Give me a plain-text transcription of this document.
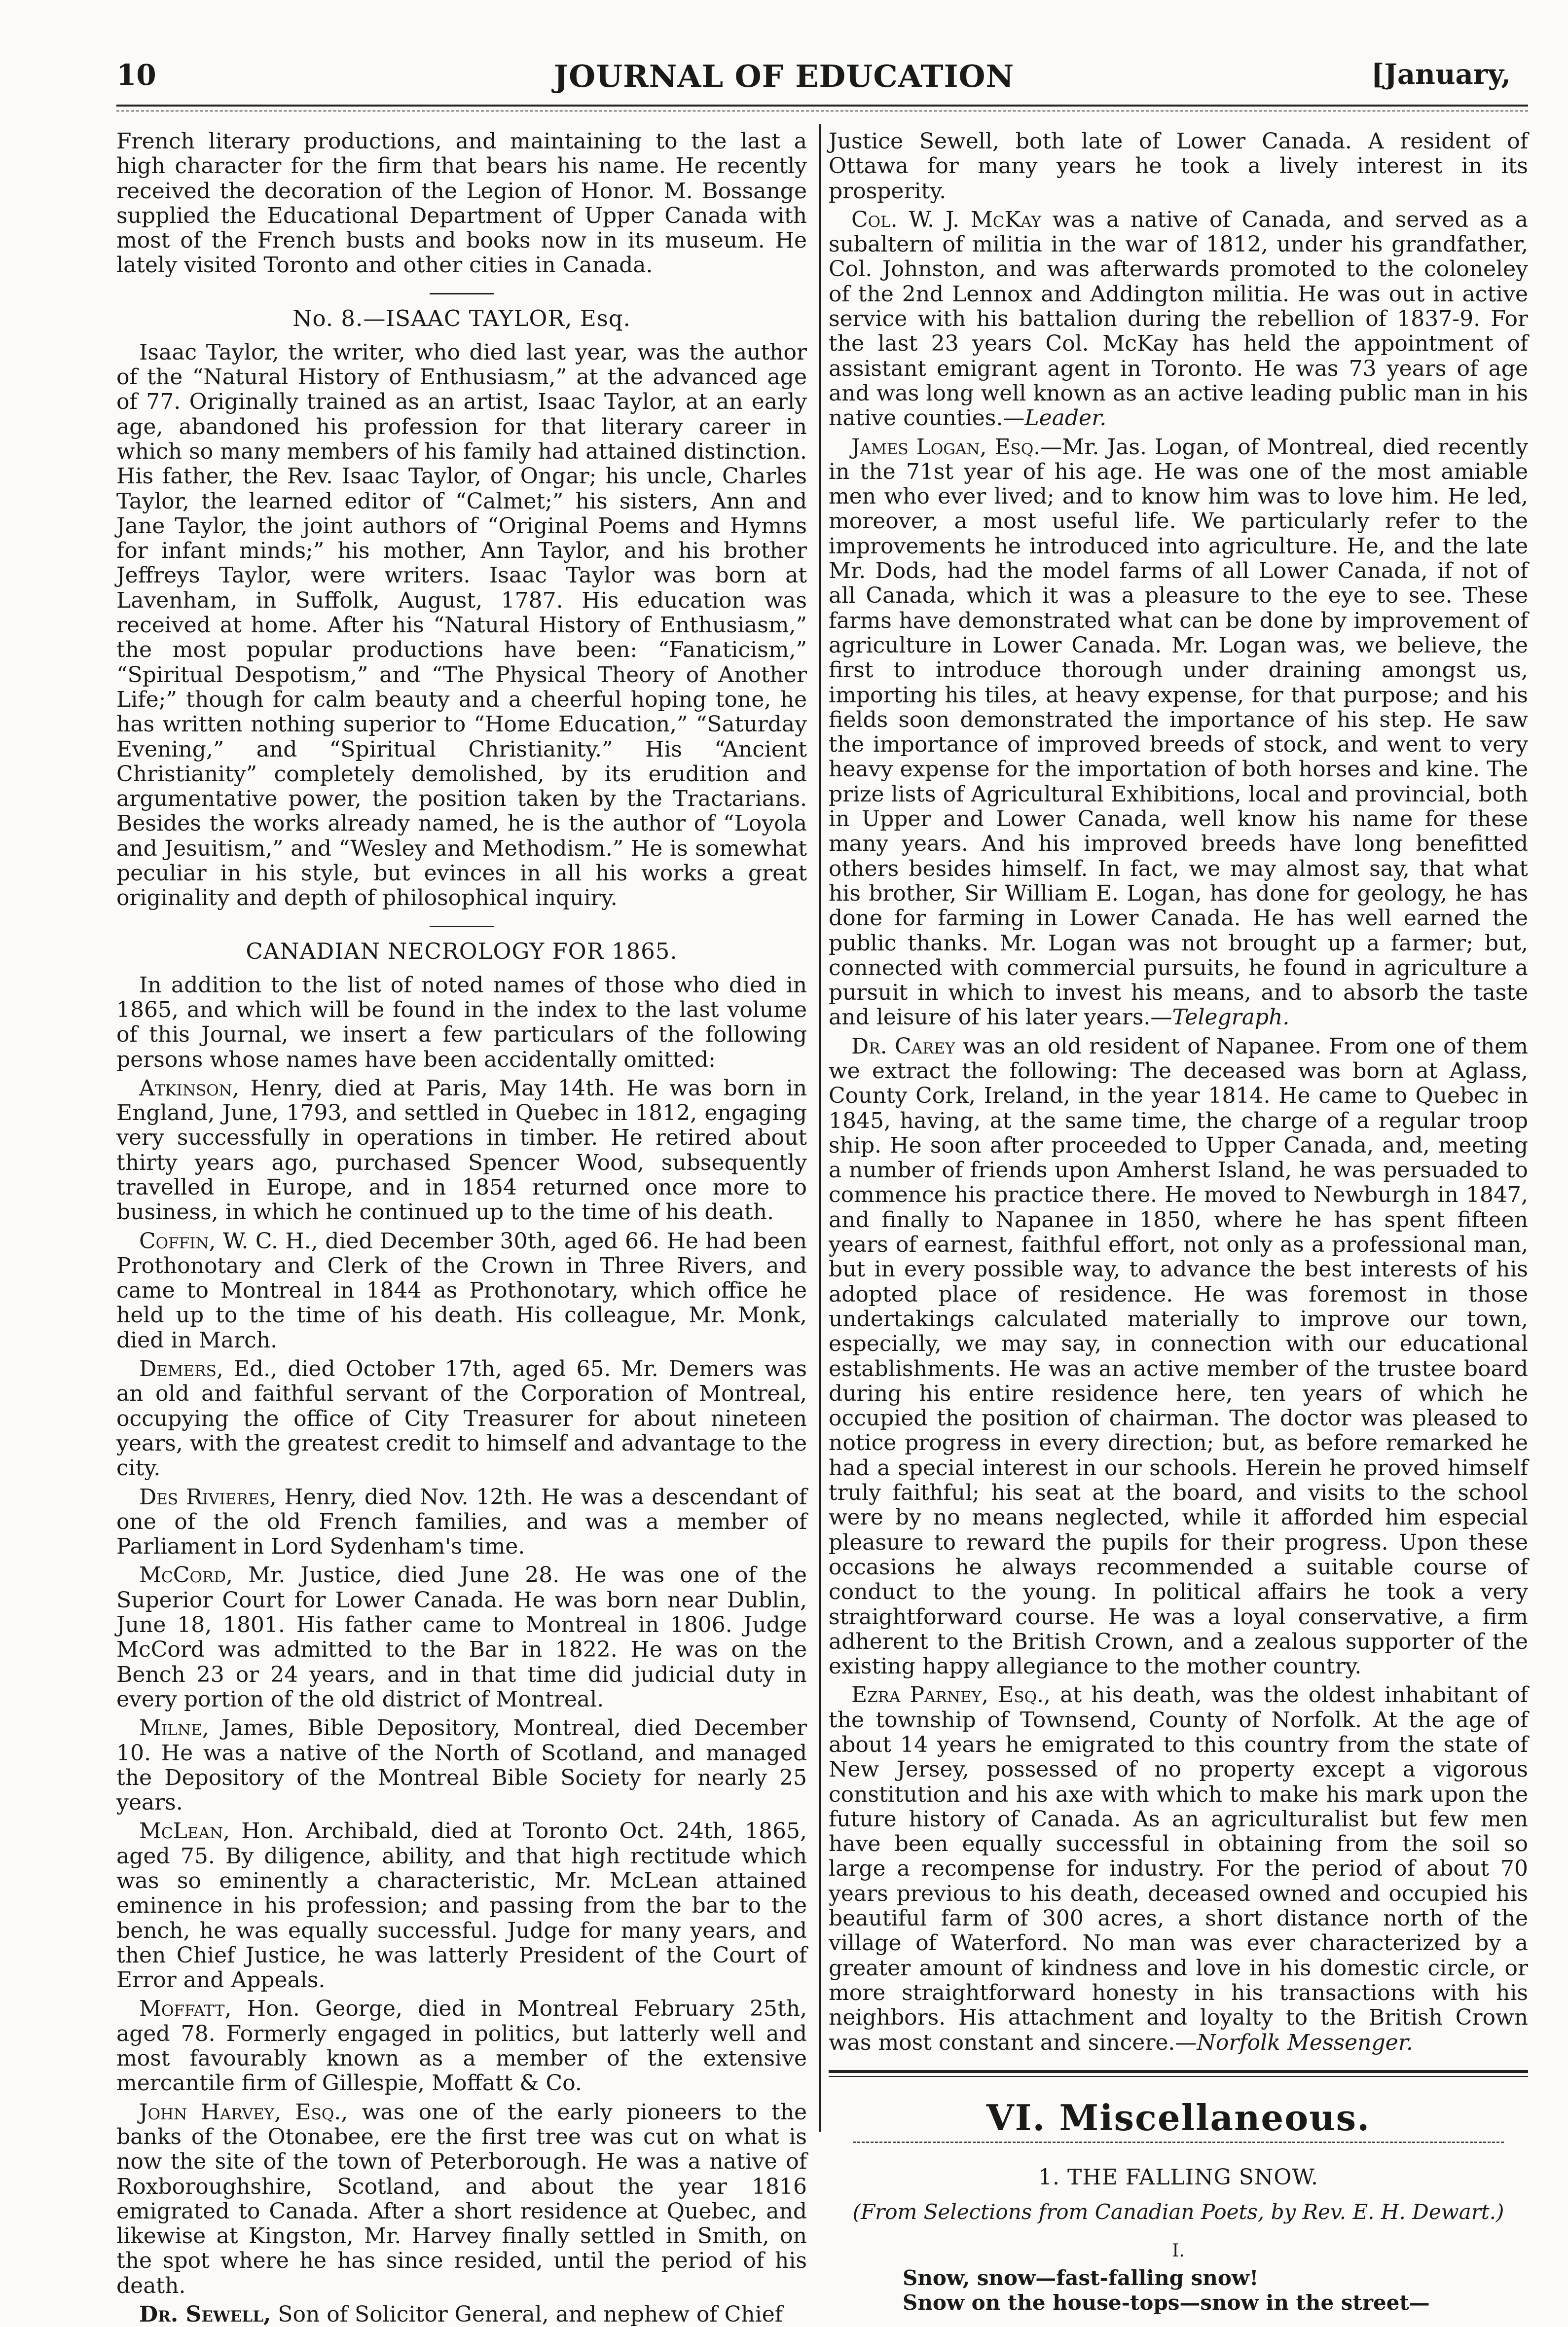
10	JOURNAL OF EDUCATION	[January,

French literary productions, and maintaining to the last a high character for the firm that bears his name. He recently received the decoration of the Legion of Honor. M. Bossange supplied the Educational Department of Upper Canada with most of the French busts and books now in its museum. He lately visited Toronto and other cities in Canada.

No. 8.—ISAAC TAYLOR, Esq.

Isaac Taylor, the writer, who died last year, was the author of the “Natural History of Enthusiasm,” at the advanced age of 77. Originally trained as an artist, Isaac Taylor, at an early age, abandoned his profession for that literary career in which so many members of his family had attained distinction. His father, the Rev. Isaac Taylor, of Ongar; his uncle, Charles Taylor, the learned editor of “Calmet;” his sisters, Ann and Jane Taylor, the joint authors of “Original Poems and Hymns for infant minds;” his mother, Ann Taylor, and his brother Jeffreys Taylor, were writers. Isaac Taylor was born at Lavenham, in Suffolk, August, 1787. His education was received at home. After his “Natural History of Enthusiasm,” the most popular productions have been: “Fanaticism,” “Spiritual Despotism,” and “The Physical Theory of Another Life;” though for calm beauty and a cheerful hoping tone, he has written nothing superior to “Home Education,” “Saturday Evening,” and “Spiritual Christianity.” His “Ancient Christianity” completely demolished, by its erudition and argumentative power, the position taken by the Tractarians. Besides the works already named, he is the author of “Loyola and Jesuitism,” and “Wesley and Methodism.” He is somewhat peculiar in his style, but evinces in all his works a great originality and depth of philosophical inquiry.

CANADIAN NECROLOGY FOR 1865.

In addition to the list of noted names of those who died in 1865, and which will be found in the index to the last volume of this Journal, we insert a few particulars of the following persons whose names have been accidentally omitted:

Atkinson, Henry, died at Paris, May 14th. He was born in England, June, 1793, and settled in Quebec in 1812, engaging very successfully in operations in timber. He retired about thirty years ago, purchased Spencer Wood, subsequently travelled in Europe, and in 1854 returned once more to business, in which he continued up to the time of his death.

Coffin, W. C. H., died December 30th, aged 66. He had been Prothonotary and Clerk of the Crown in Three Rivers, and came to Montreal in 1844 as Prothonotary, which office he held up to the time of his death. His colleague, Mr. Monk, died in March.

Demers, Ed., died October 17th, aged 65. Mr. Demers was an old and faithful servant of the Corporation of Montreal, occupying the office of City Treasurer for about nineteen years, with the greatest credit to himself and advantage to the city.

Des Rivieres, Henry, died Nov. 12th. He was a descendant of one of the old French families, and was a member of Parliament in Lord Sydenham's time.

McCord, Mr. Justice, died June 28. He was one of the Superior Court for Lower Canada. He was born near Dublin, June 18, 1801. His father came to Montreal in 1806. Judge McCord was admitted to the Bar in 1822. He was on the Bench 23 or 24 years, and in that time did judicial duty in every portion of the old district of Montreal.

Milne, James, Bible Depository, Montreal, died December 10. He was a native of the North of Scotland, and managed the Depository of the Montreal Bible Society for nearly 25 years.

McLean, Hon. Archibald, died at Toronto Oct. 24th, 1865, aged 75. By diligence, ability, and that high rectitude which was so eminently a characteristic, Mr. McLean attained eminence in his profession; and passing from the bar to the bench, he was equally successful. Judge for many years, and then Chief Justice, he was latterly President of the Court of Error and Appeals.

Moffatt, Hon. George, died in Montreal February 25th, aged 78. Formerly engaged in politics, but latterly well and most favourably known as a member of the extensive mercantile firm of Gillespie, Moffatt & Co.

John Harvey, Esq., was one of the early pioneers to the banks of the Otonabee, ere the first tree was cut on what is now the site of the town of Peterborough. He was a native of Roxboroughshire, Scotland, and about the year 1816 emigrated to Canada. After a short residence at Quebec, and likewise at Kingston, Mr. Harvey finally settled in Smith, on the spot where he has since resided, until the period of his death.

Dr. Sewell, Son of Solicitor General, and nephew of Chief

Justice Sewell, both late of Lower Canada. A resident of Ottawa for many years he took a lively interest in its prosperity.

Col. W. J. McKay was a native of Canada, and served as a subaltern of militia in the war of 1812, under his grandfather, Col. Johnston, and was afterwards promoted to the coloneley of the 2nd Lennox and Addington militia. He was out in active service with his battalion during the rebellion of 1837-9. For the last 23 years Col. McKay has held the appointment of assistant emigrant agent in Toronto. He was 73 years of age and was long well known as an active leading public man in his native counties.—Leader.

James Logan, Esq.—Mr. Jas. Logan, of Montreal, died recently in the 71st year of his age. He was one of the most amiable men who ever lived; and to know him was to love him. He led, moreover, a most useful life. We particularly refer to the improvements he introduced into agriculture. He, and the late Mr. Dods, had the model farms of all Lower Canada, if not of all Canada, which it was a pleasure to the eye to see. These farms have demonstrated what can be done by improvement of agriculture in Lower Canada. Mr. Logan was, we believe, the first to introduce thorough under draining amongst us, importing his tiles, at heavy expense, for that purpose; and his fields soon demonstrated the importance of his step. He saw the importance of improved breeds of stock, and went to very heavy expense for the importation of both horses and kine. The prize lists of Agricultural Exhibitions, local and provincial, both in Upper and Lower Canada, well know his name for these many years. And his improved breeds have long benefitted others besides himself. In fact, we may almost say, that what his brother, Sir William E. Logan, has done for geology, he has done for farming in Lower Canada. He has well earned the public thanks. Mr. Logan was not brought up a farmer; but, connected with commercial pursuits, he found in agriculture a pursuit in which to invest his means, and to absorb the taste and leisure of his later years.—Telegraph.

Dr. Carey was an old resident of Napanee. From one of them we extract the following: The deceased was born at Aglass, County Cork, Ireland, in the year 1814. He came to Quebec in 1845, having, at the same time, the charge of a regular troop ship. He soon after proceeded to Upper Canada, and, meeting a number of friends upon Amherst Island, he was persuaded to commence his practice there. He moved to Newburgh in 1847, and finally to Napanee in 1850, where he has spent fifteen years of earnest, faithful effort, not only as a professional man, but in every possible way, to advance the best interests of his adopted place of residence. He was foremost in those undertakings calculated materially to improve our town, especially, we may say, in connection with our educational establishments. He was an active member of the trustee board during his entire residence here, ten years of which he occupied the position of chairman. The doctor was pleased to notice progress in every direction; but, as before remarked he had a special interest in our schools. Herein he proved himself truly faithful; his seat at the board, and visits to the school were by no means neglected, while it afforded him especial pleasure to reward the pupils for their progress. Upon these occasions he always recommended a suitable course of conduct to the young. In political affairs he took a very straightforward course. He was a loyal conservative, a firm adherent to the British Crown, and a zealous supporter of the existing happy allegiance to the mother country.

Ezra Parney, Esq., at his death, was the oldest inhabitant of the township of Townsend, County of Norfolk. At the age of about 14 years he emigrated to this country from the state of New Jersey, possessed of no property except a vigorous constitution and his axe with which to make his mark upon the future history of Canada. As an agriculturalist but few men have been equally successful in obtaining from the soil so large a recompense for industry. For the period of about 70 years previous to his death, deceased owned and occupied his beautiful farm of 300 acres, a short distance north of the village of Waterford. No man was ever characterized by a greater amount of kindness and love in his domestic circle, or more straightforward honesty in his transactions with his neighbors. His attachment and loyalty to the British Crown was most constant and sincere.—Norfolk Messenger.

VI. Miscellaneous.
1. THE FALLING SNOW.
(From Selections from Canadian Poets, by Rev. E. H. Dewart.)
I.
Snow, snow—fast-falling snow!
Snow on the house-tops—snow in the street—
